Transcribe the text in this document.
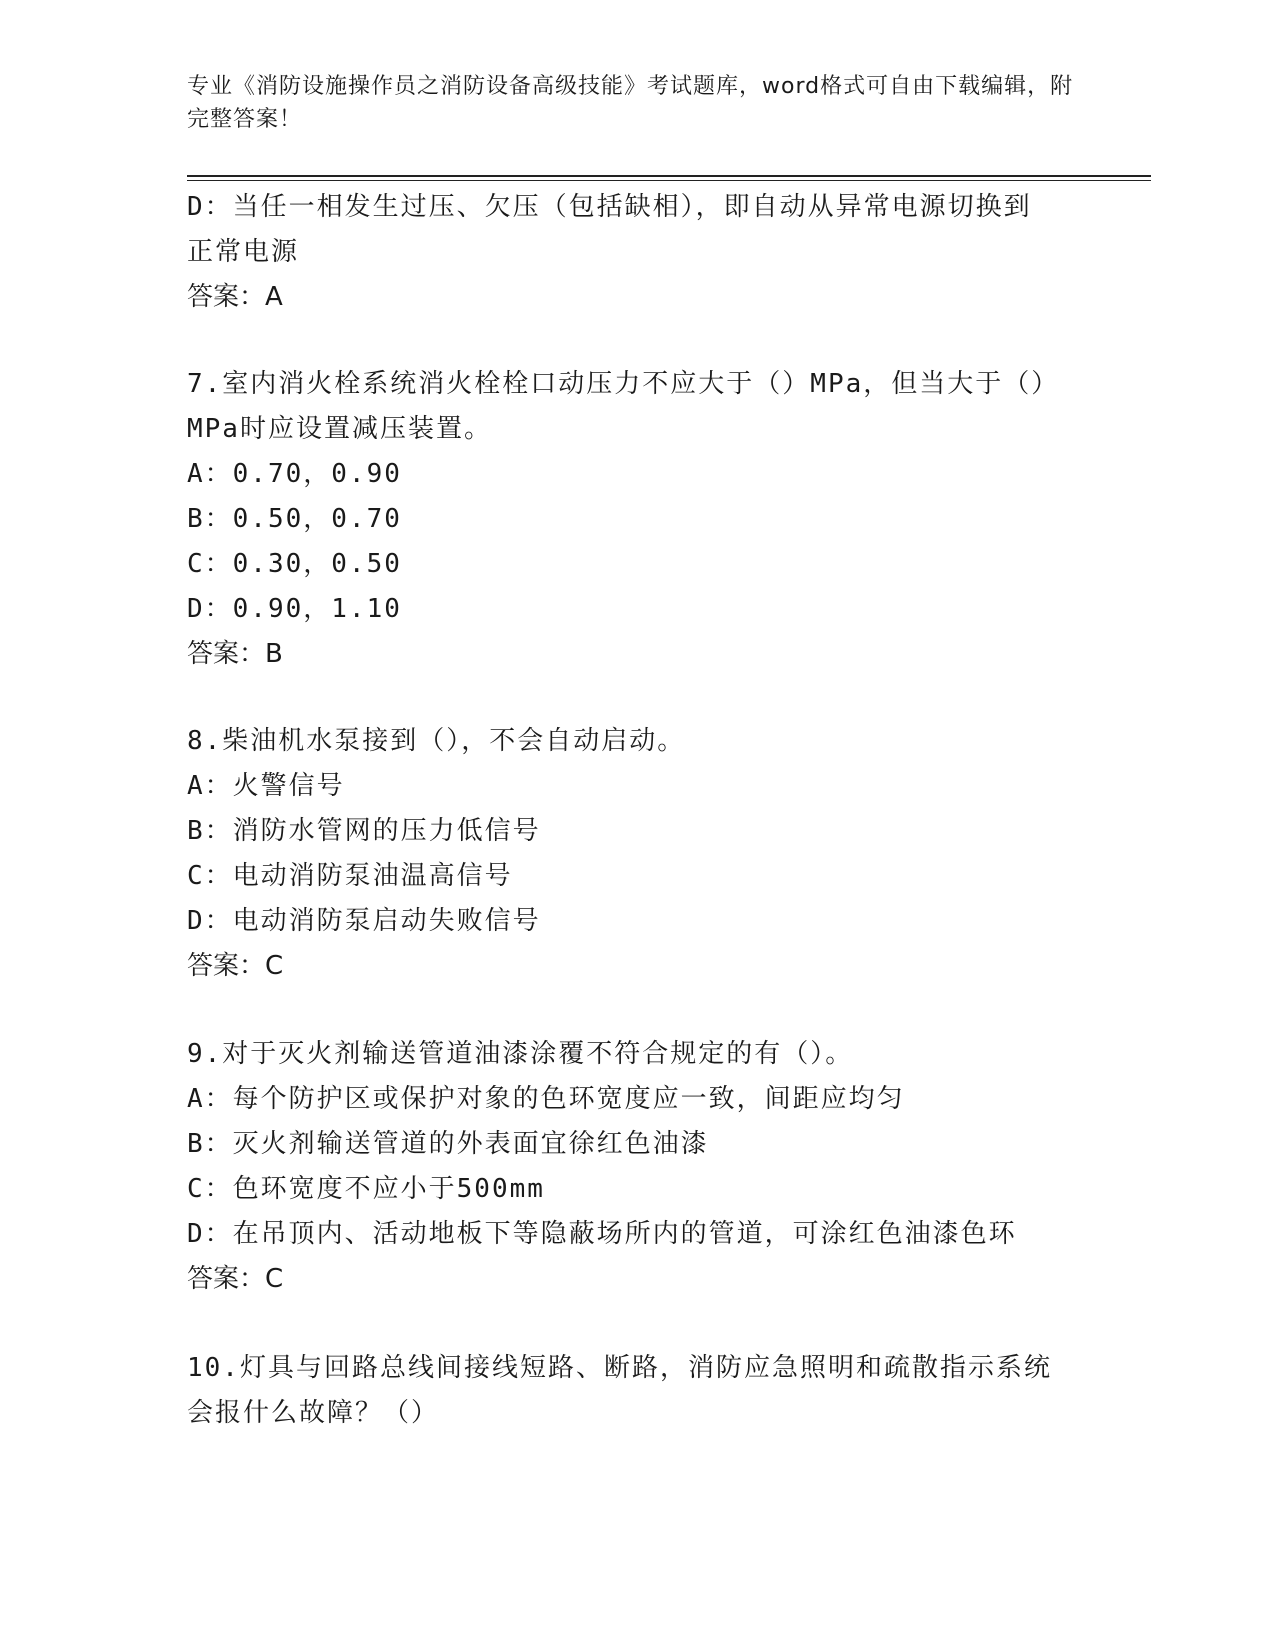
专业《消防设施操作员之消防设备高级技能》考试题库，word格式可自由下载编辑，附完整答案！
D：当任一相发生过压、欠压（包括缺相），即自动从异常电源切换到
正常电源
答案：A
7.室内消火栓系统消火栓栓口动压力不应大于（）MPa，但当大于（）
MPa时应设置减压装置。
A：0.70，0.90
B：0.50，0.70
C：0.30，0.50
D：0.90，1.10
答案：B
8.柴油机水泵接到（），不会自动启动。
A：火警信号
B：消防水管网的压力低信号
C：电动消防泵油温高信号
D：电动消防泵启动失败信号
答案：C
9.对于灭火剂输送管道油漆涂覆不符合规定的有（）。
A：每个防护区或保护对象的色环宽度应一致，间距应均匀
B：灭火剂输送管道的外表面宜徐红色油漆
C：色环宽度不应小于500mm
D：在吊顶内、活动地板下等隐蔽场所内的管道，可涂红色油漆色环
答案：C
10.灯具与回路总线间接线短路、断路，消防应急照明和疏散指示系统
会报什么故障？（）
